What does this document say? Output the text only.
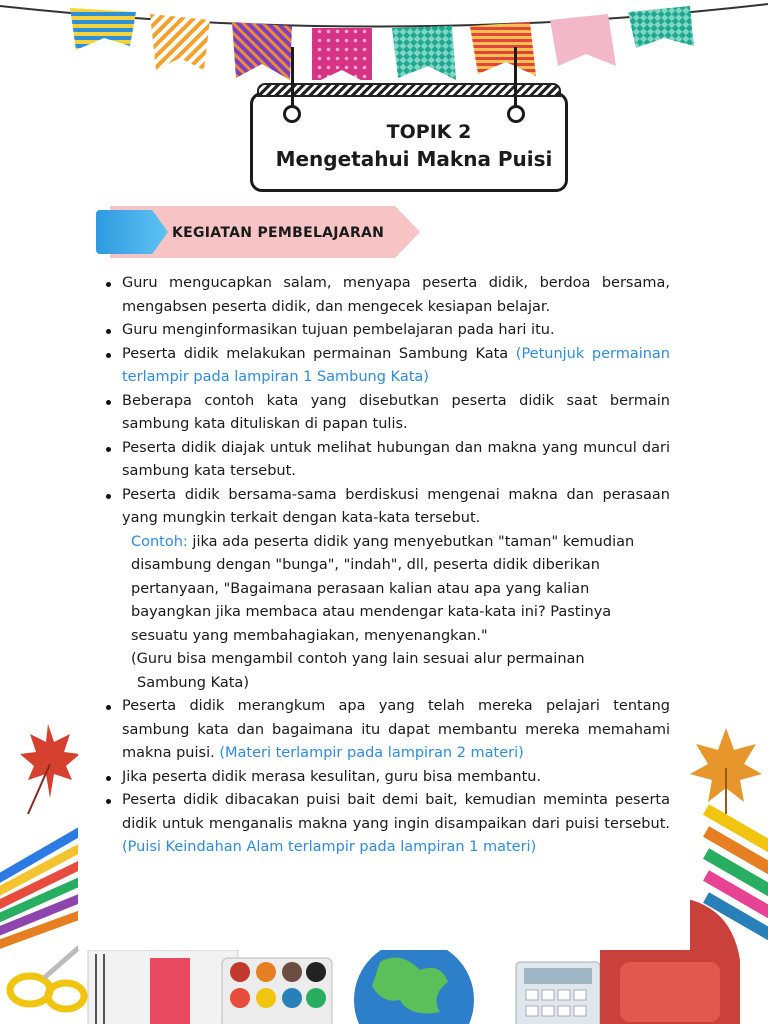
TOPIK 2
Mengetahui Makna Puisi
KEGIATAN PEMBELAJARAN
Guru mengucapkan salam, menyapa peserta didik, berdoa bersama, mengabsen peserta didik, dan mengecek kesiapan belajar.
Guru menginformasikan tujuan pembelajaran pada hari itu.
Peserta didik melakukan permainan Sambung Kata (Petunjuk permainan terlampir pada lampiran 1 Sambung Kata)
Beberapa contoh kata yang disebutkan peserta didik saat bermain sambung kata dituliskan di papan tulis.
Peserta didik diajak untuk melihat hubungan dan makna yang muncul dari sambung kata tersebut.
Peserta didik bersama-sama berdiskusi mengenai makna dan perasaan yang mungkin terkait dengan kata-kata tersebut.
Contoh: jika ada peserta didik yang menyebutkan "taman" kemudian disambung dengan "bunga", "indah", dll, peserta didik diberikan pertanyaan, "Bagaimana perasaan kalian atau apa yang kalian bayangkan jika membaca atau mendengar kata-kata ini? Pastinya sesuatu yang membahagiakan, menyenangkan."
(Guru bisa mengambil contoh yang lain sesuai alur permainan
Sambung Kata)
Peserta didik merangkum apa yang telah mereka pelajari tentang sambung kata dan bagaimana itu dapat membantu mereka memahami makna puisi. (Materi terlampir pada lampiran 2 materi)
Jika peserta didik merasa kesulitan, guru bisa membantu.
Peserta didik dibacakan puisi bait demi bait, kemudian meminta peserta didik untuk menganalis makna yang ingin disampaikan dari puisi tersebut. (Puisi Keindahan Alam terlampir pada lampiran 1 materi)
